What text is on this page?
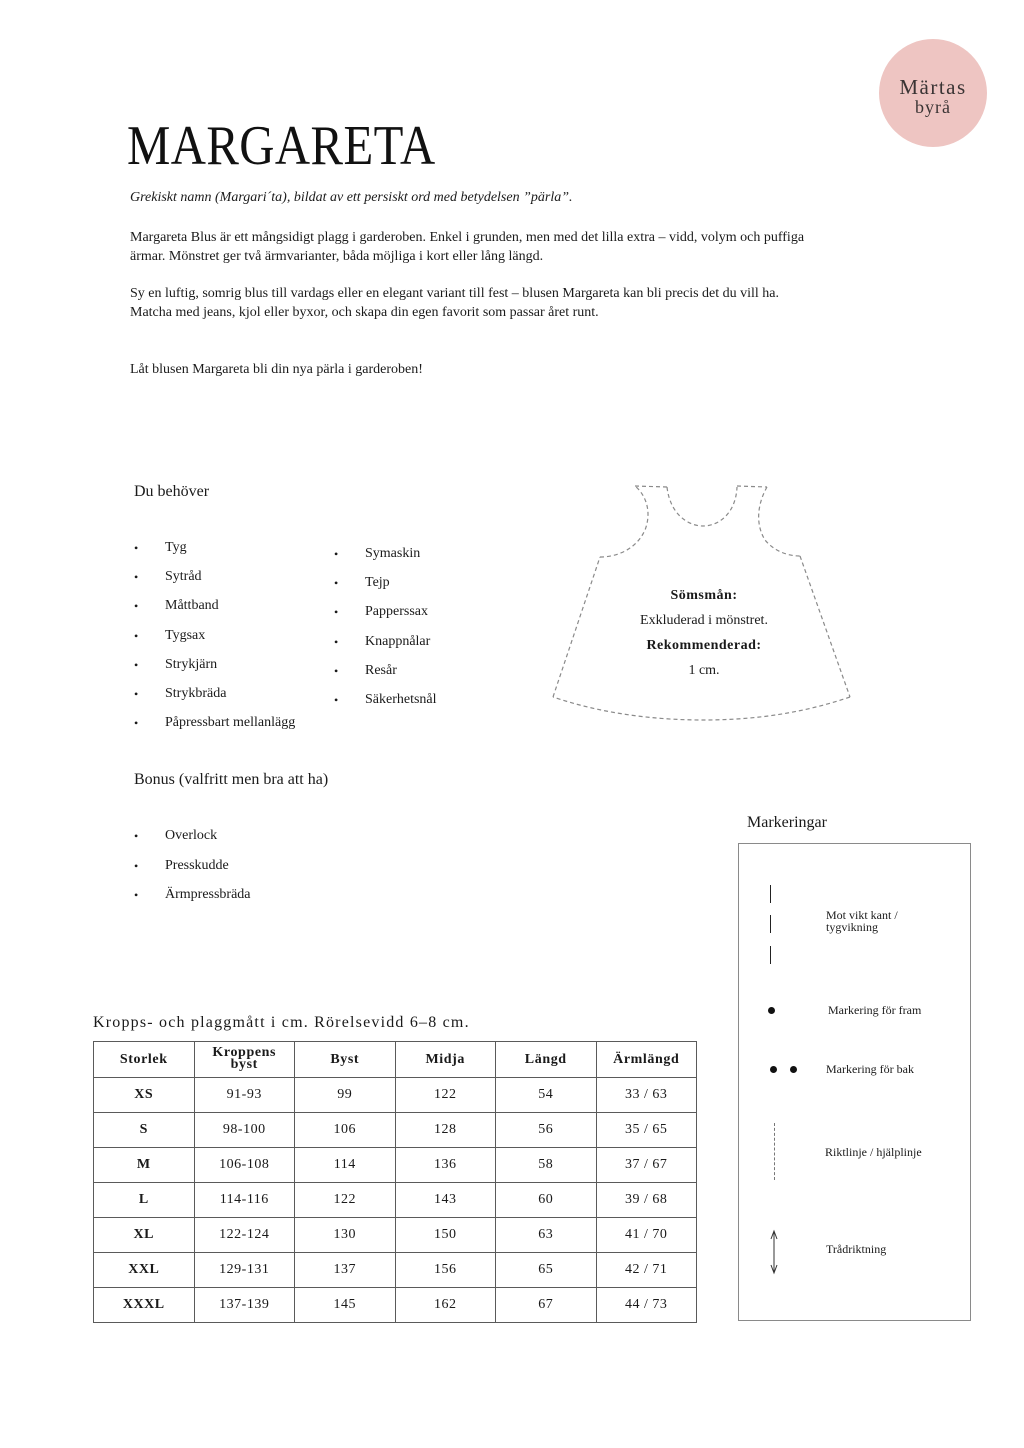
Märtas
byrå
MARGARETA

Grekiskt namn (Margari´ta), bildat av ett persiskt ord med betydelsen ”pärla”.

Margareta Blus är ett mångsidigt plagg i garderoben. Enkel i grunden, men med det lilla extra – vidd, volym och puffiga
ärmar. Mönstret ger två ärmvarianter, båda möjliga i kort eller lång längd.
Sy en luftig, somrig blus till vardags eller en elegant variant till fest – blusen Margareta kan bli precis det du vill ha.
Matcha med jeans, kjol eller byxor, och skapa din egen favorit som passar året runt.

Låt blusen Margareta bli din nya pärla i garderoben!

Du behöver
• Tyg
• Sytråd
• Måttband
• Tygsax
• Strykjärn
• Strykbräda
• Påpressbart mellanlägg
• Symaskin
• Tejp
• Papperssax
• Knappnålar
• Resår
• Säkerhetsnål
Sömsmån:
Exkluderad i mönstret.
Rekommenderad:
1 cm.
Bonus (valfritt men bra att ha)
• Overlock
• Presskudde
• Ärmpressbräda
Markeringar
Mot vikt kant /
tygvikning
Markering för fram
Markering för bak
Riktlinje / hjälplinje
Trådriktning
Kropps- och plaggmått i cm. Rörelsevidd 6–8 cm.
Storlek	Kroppens byst	Byst	Midja	Längd	Ärmlängd
XS	91-93	99	122	54	33 / 63
S	98-100	106	128	56	35 / 65
M	106-108	114	136	58	37 / 67
L	114-116	122	143	60	39 / 68
XL	122-124	130	150	63	41 / 70
XXL	129-131	137	156	65	42 / 71
XXXL	137-139	145	162	67	44 / 73
